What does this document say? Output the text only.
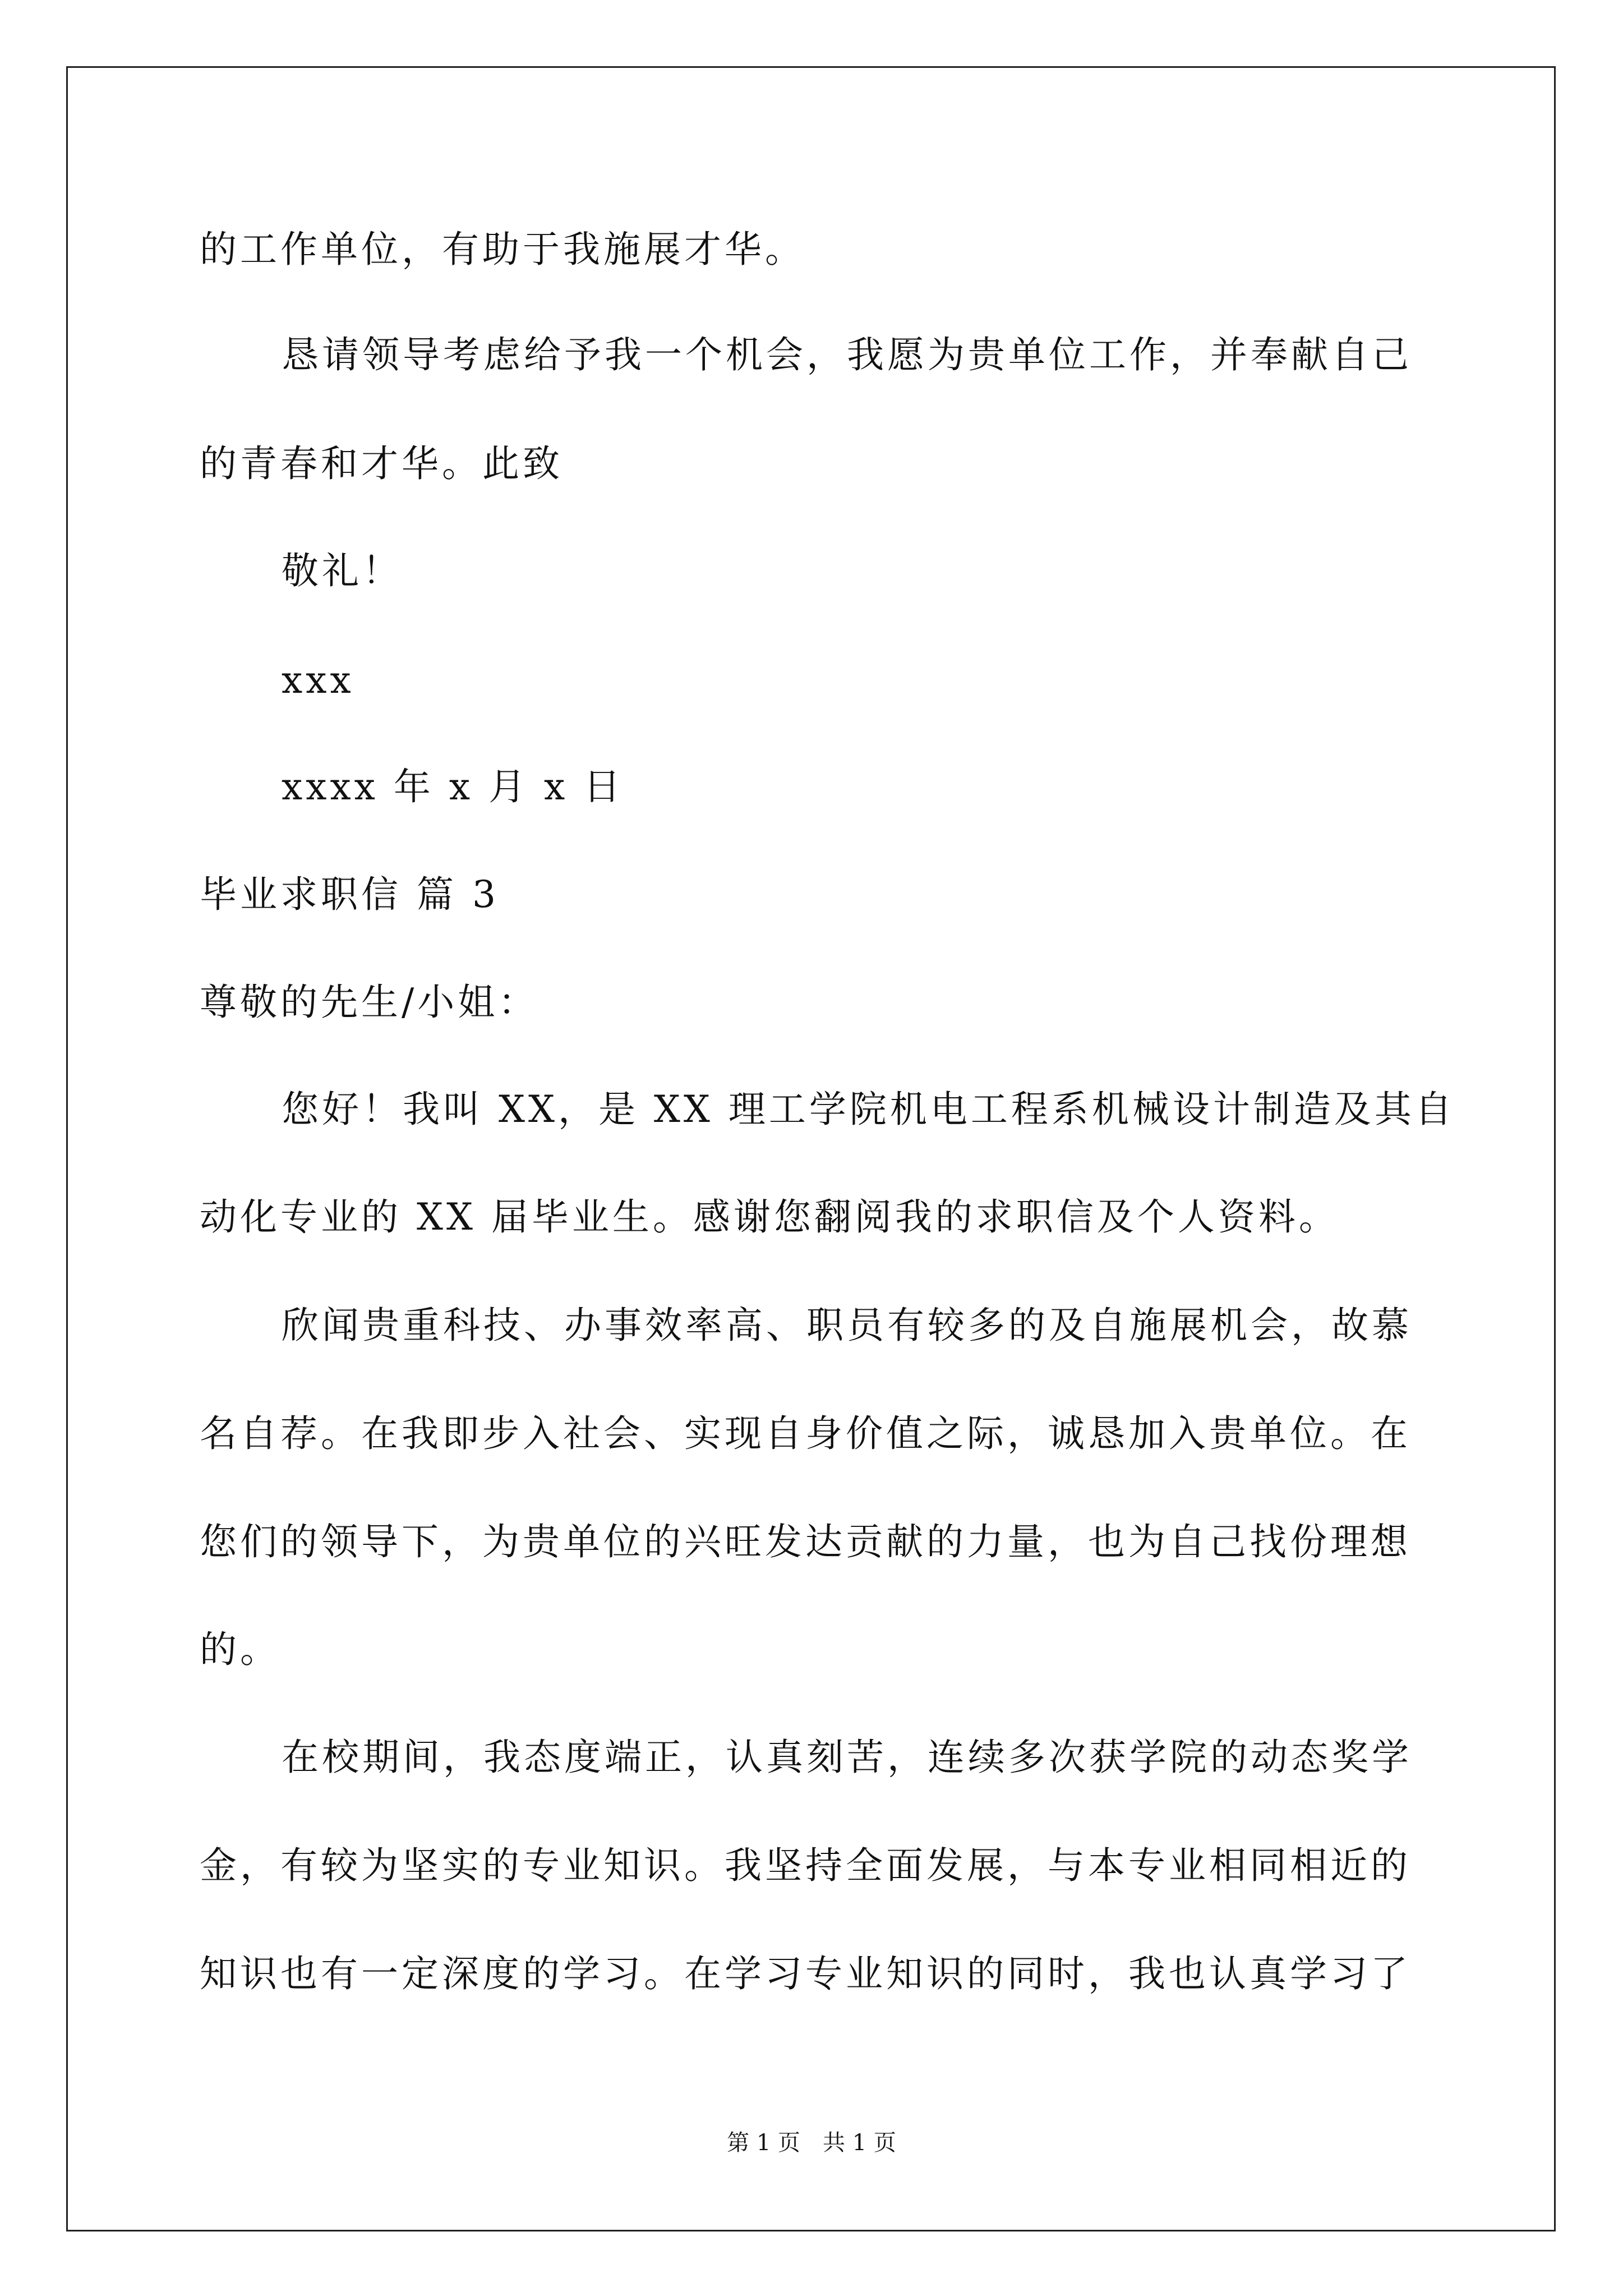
的工作单位，有助于我施展才华。
恳请领导考虑给予我一个机会，我愿为贵单位工作，并奉献自己
的青春和才华。此致
敬礼！
xxx
xxxx 年 x 月 x 日
毕业求职信 篇 3
尊敬的先生/小姐：
您好！我叫 XX，是 XX 理工学院机电工程系机械设计制造及其自
动化专业的 XX 届毕业生。感谢您翻阅我的求职信及个人资料。
欣闻贵重科技、办事效率高、职员有较多的及自施展机会，故慕
名自荐。在我即步入社会、实现自身价值之际，诚恳加入贵单位。在
您们的领导下，为贵单位的兴旺发达贡献的力量，也为自己找份理想
的。
在校期间，我态度端正，认真刻苦，连续多次获学院的动态奖学
金，有较为坚实的专业知识。我坚持全面发展，与本专业相同相近的
知识也有一定深度的学习。在学习专业知识的同时，我也认真学习了
第 1 页 共 1 页
